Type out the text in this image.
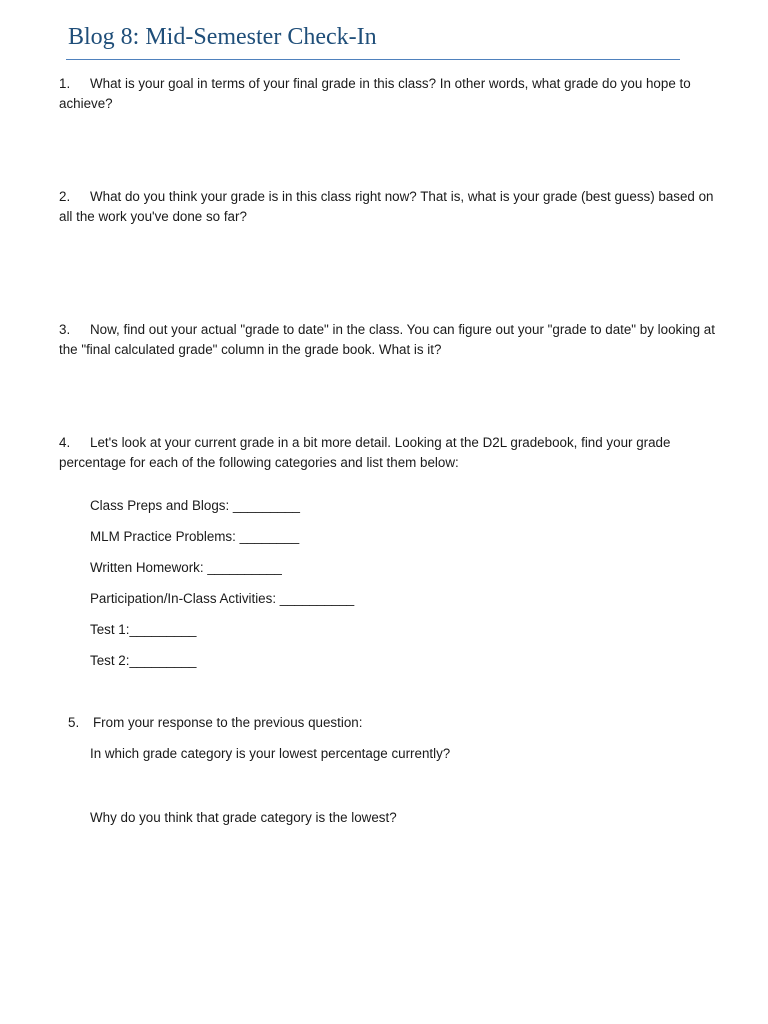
Blog 8: Mid-Semester Check-In
1. What is your goal in terms of your final grade in this class? In other words, what grade do you hope to achieve?
2. What do you think your grade is in this class right now? That is, what is your grade (best guess) based on all the work you've done so far?
3. Now, find out your actual "grade to date" in the class. You can figure out your "grade to date" by looking at the "final calculated grade" column in the grade book. What is it?
4. Let's look at your current grade in a bit more detail. Looking at the D2L gradebook, find your grade percentage for each of the following categories and list them below:
Class Preps and Blogs: _________
MLM Practice Problems: ________
Written Homework: __________
Participation/In-Class Activities: __________
Test 1:_________
Test 2:_________
5. From your response to the previous question:
In which grade category is your lowest percentage currently?
Why do you think that grade category is the lowest?
